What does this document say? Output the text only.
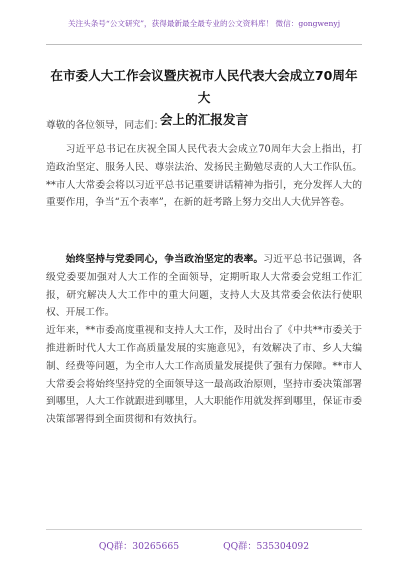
关注头条号“公文研究”，获得最新最全最专业的公文资料库！ 微信：gongwenyj
在市委人大工作会议暨庆祝市人民代表大会成立70周年大
会上的汇报发言

尊敬的各位领导，同志们：

习近平总书记在庆祝全国人民代表大会成立70周年大会上指出，打造政治坚定、服务人民、尊崇法治、发扬民主勤勉尽责的人大工作队伍。**市人大常委会将以习近平总书记重要讲话精神为指引，充分发挥人大的重要作用，争当“五个表率”，在新的赶考路上努力交出人大优异答卷。

始终坚持与党委同心，争当政治坚定的表率。习近平总书记强调，各级党委要加强对人大工作的全面领导，定期听取人大常委会党组工作汇报，研究解决人大工作中的重大问题，支持人大及其常委会依法行使职权、开展工作。
近年来，**市委高度重视和支持人大工作，及时出台了《中共**市委关于推进新时代人大工作高质量发展的实施意见》，有效解决了市、乡人大编制、经费等问题，为全市人大工作高质量发展提供了强有力保障。**市人大常委会将始终坚持党的全面领导这一最高政治原则，坚持市委决策部署到哪里，人大工作就跟进到哪里，人大职能作用就发挥到哪里，保证市委决策部署得到全面贯彻和有效执行。

QQ群：30265665	QQ群：535304092
